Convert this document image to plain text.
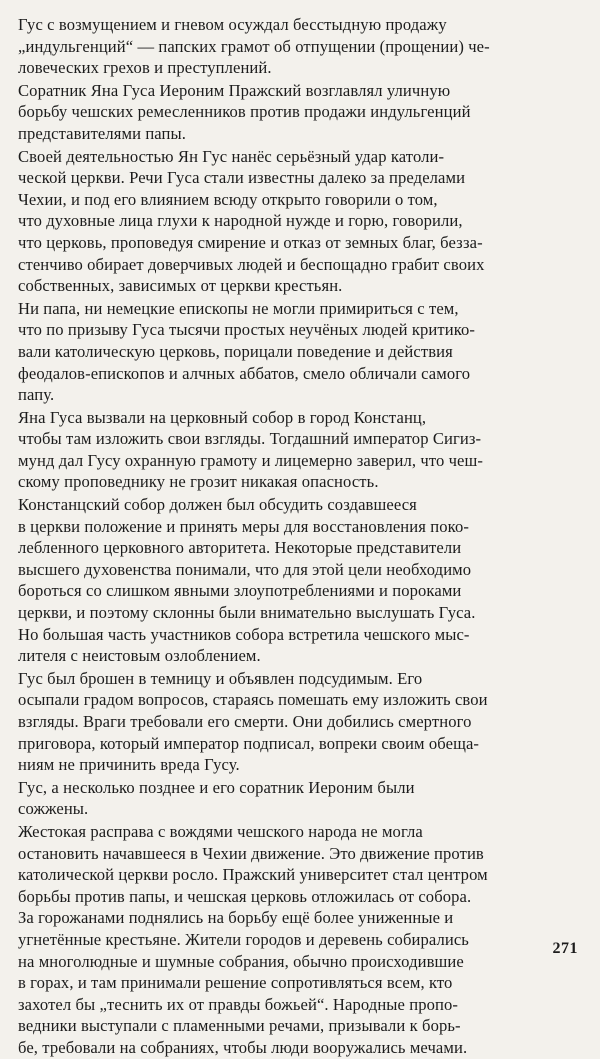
Гус с возмущением и гневом осуждал бесстыдную продажу
„индульгенций“ — папских грамот об отпущении (прощении) че-
ловеческих грехов и преступлений.

Соратник Яна Гуса Иероним Пражский возглавлял уличную
борьбу чешских ремесленников против продажи индульгенций
представителями папы.

Своей деятельностью Ян Гус нанёс серьёзный удар католи-
ческой церкви. Речи Гуса стали известны далеко за пределами
Чехии, и под его влиянием всюду открыто говорили о том,
что духовные лица глухи к народной нужде и горю, говорили,
что церковь, проповедуя смирение и отказ от земных благ, безза-
стенчиво обирает доверчивых людей и беспощадно грабит своих
собственных, зависимых от церкви крестьян.

Ни папа, ни немецкие епископы не могли примириться с тем,
что по призыву Гуса тысячи простых неучёных людей критико-
вали католическую церковь, порицали поведение и действия
феодалов-епископов и алчных аббатов, смело обличали самого
папу.

Яна Гуса вызвали на церковный собор в город Констанц,
чтобы там изложить свои взгляды. Тогдашний император Сигиз-
мунд дал Гусу охранную грамоту и лицемерно заверил, что чеш-
скому проповеднику не грозит никакая опасность.

Констанцский собор должен был обсудить создавшееся
в церкви положение и принять меры для восстановления поко-
лебленного церковного авторитета. Некоторые представители
высшего духовенства понимали, что для этой цели необходимо
бороться со слишком явными злоупотреблениями и пороками
церкви, и поэтому склонны были внимательно выслушать Гуса.
Но большая часть участников собора встретила чешского мыс-
лителя с неистовым озлоблением.

Гус был брошен в темницу и объявлен подсудимым. Его
осыпали градом вопросов, стараясь помешать ему изложить свои
взгляды. Враги требовали его смерти. Они добились смертного
приговора, который император подписал, вопреки своим обеща-
ниям не причинить вреда Гусу.

Гус, а несколько позднее и его соратник Иероним были
сожжены.

Жестокая расправа с вождями чешского народа не могла
остановить начавшееся в Чехии движение. Это движение против
католической церкви росло. Пражский университет стал центром
борьбы против папы, и чешская церковь отложилась от собора.
За горожанами поднялись на борьбу ещё более униженные и
угнетённые крестьяне. Жители городов и деревень собирались
на многолюдные и шумные собрания, обычно происходившие
в горах, и там принимали решение сопротивляться всем, кто
захотел бы „теснить их от правды божьей“. Народные пропо-
ведники выступали с пламенными речами, призывали к борь-
бе, требовали на собраниях, чтобы люди вооружались мечами.

271
